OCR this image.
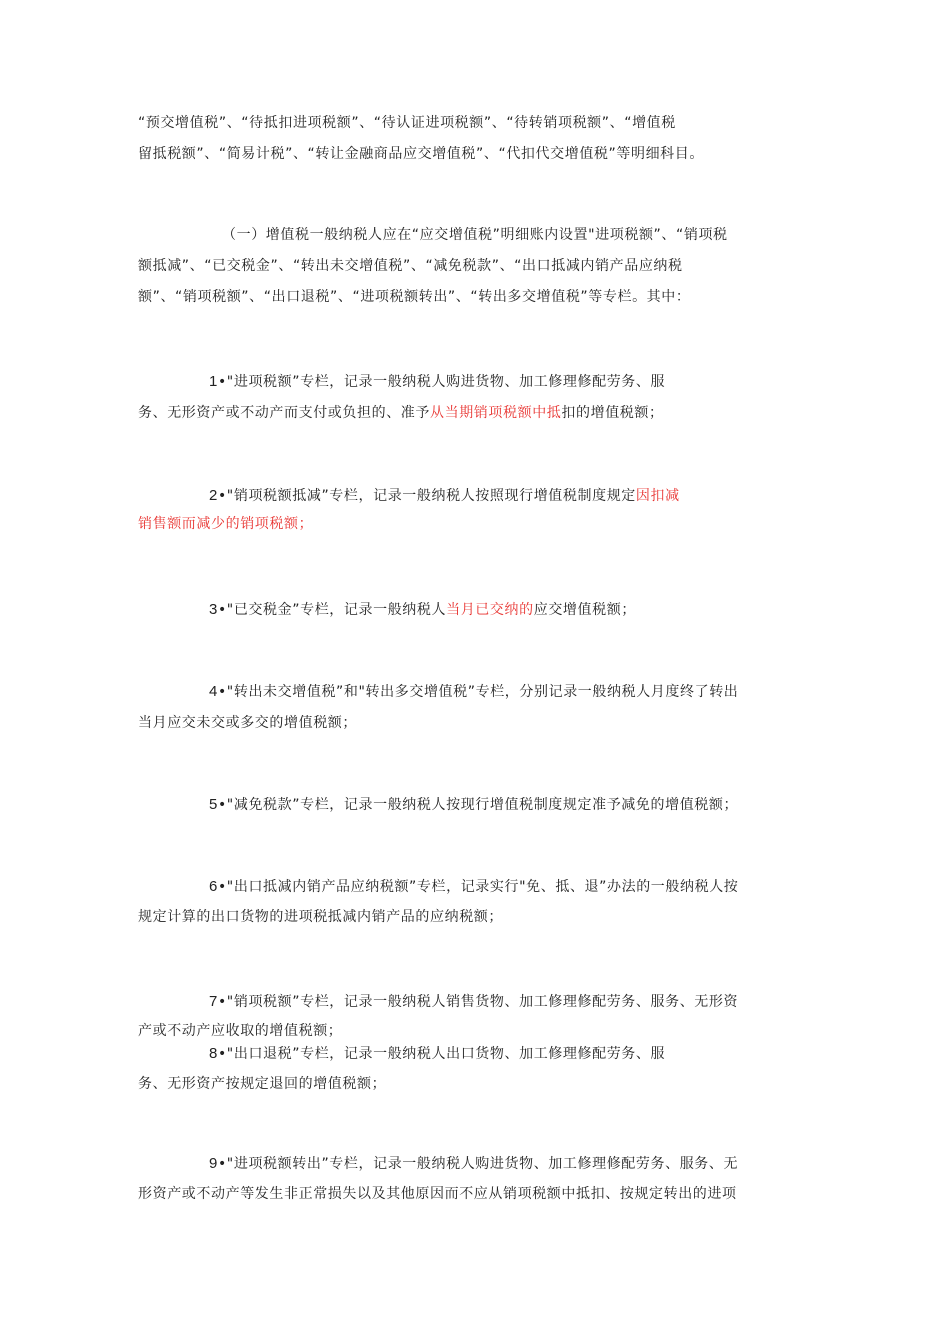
“预交增值税”、“待抵扣进项税额”、“待认证进项税额”、“待转销项税额”、“增值税
留抵税额”、“简易计税”、“转让金融商品应交增值税”、“代扣代交增值税”等明细科目。
（一）增值税一般纳税人应在“应交增值税”明细账内设置"进项税额”、“销项税
额抵减”、“已交税金”、“转出未交增值税”、“减免税款”、“出口抵减内销产品应纳税
额”、“销项税额”、“出口退税”、“进项税额转出”、“转出多交增值税”等专栏。其中：
1•"进项税额”专栏，记录一般纳税人购进货物、加工修理修配劳务、服
务、无形资产或不动产而支付或负担的、准予从当期销项税额中抵扣的增值税额；
2•"销项税额抵减”专栏，记录一般纳税人按照现行增值税制度规定因扣减
销售额而减少的销项税额；
3•"已交税金”专栏，记录一般纳税人当月已交纳的应交增值税额；
4•"转出未交增值税”和"转出多交增值税”专栏，分别记录一般纳税人月度终了转出
当月应交未交或多交的增值税额；
5•"减免税款”专栏，记录一般纳税人按现行增值税制度规定准予减免的增值税额；
6•"出口抵减内销产品应纳税额”专栏，记录实行"免、抵、退”办法的一般纳税人按
规定计算的出口货物的进项税抵减内销产品的应纳税额；
7•"销项税额”专栏，记录一般纳税人销售货物、加工修理修配劳务、服务、无形资
产或不动产应收取的增值税额；
8•"出口退税”专栏，记录一般纳税人出口货物、加工修理修配劳务、服
务、无形资产按规定退回的增值税额；
9•"进项税额转出”专栏，记录一般纳税人购进货物、加工修理修配劳务、服务、无
形资产或不动产等发生非正常损失以及其他原因而不应从销项税额中抵扣、按规定转出的进项
